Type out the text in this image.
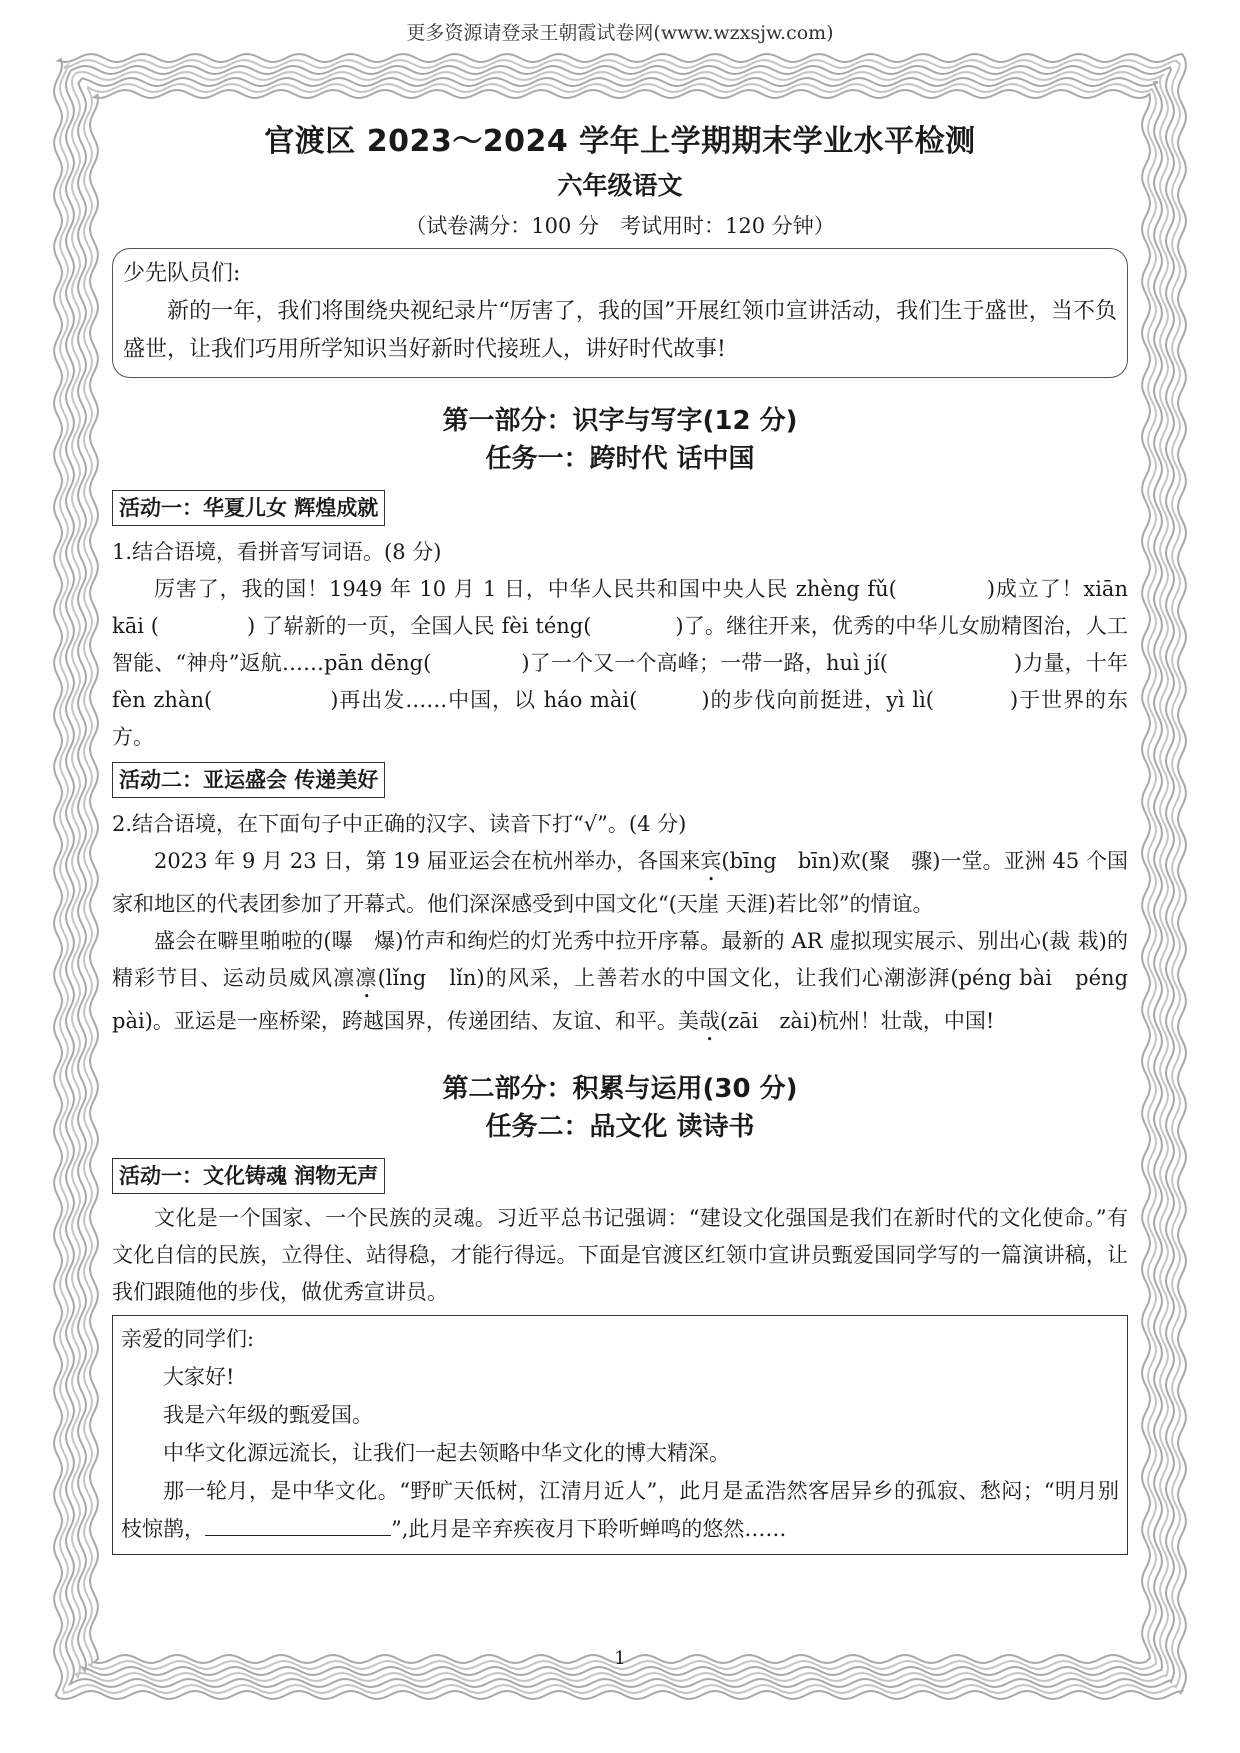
更多资源请登录王朝霞试卷网(www.wzxsjw.com)
官渡区 2023～2024 学年上学期期末学业水平检测
六年级语文
（试卷满分：100 分　考试用时：120 分钟）
少先队员们:
新的一年，我们将围绕央视纪录片“厉害了，我的国”开展红领巾宣讲活动，我们生于盛世，当不负盛世，让我们巧用所学知识当好新时代接班人，讲好时代故事!
第一部分：识字与写字(12 分)
任务一：跨时代 话中国
活动一：华夏儿女 辉煌成就
1.结合语境，看拼音写词语。(8 分)
厉害了，我的国！1949 年 10 月 1 日，中华人民共和国中央人民 zhèng fǔ(	)成立了！xiān kāi (	) 了崭新的一页，全国人民 fèi téng(	)了。继往开来，优秀的中华儿女励精图治，人工智能、“神舟”返航……pān dēng(	)了一个又一个高峰；一带一路，huì jí(	)力量，十年 fèn zhàn(	)再出发……中国，以 háo mài(	)的步伐向前挺进，yì lì(	)于世界的东方。
活动二：亚运盛会 传递美好
2.结合语境，在下面句子中正确的汉字、读音下打“√”。(4 分)
2023 年 9 月 23 日，第 19 届亚运会在杭州举办，各国来宾(bīng　bīn)欢(聚　骤)一堂。亚洲 45 个国家和地区的代表团参加了开幕式。他们深深感受到中国文化“(天崖 天涯)若比邻”的情谊。
盛会在噼里啪啦的(曝　爆)竹声和绚烂的灯光秀中拉开序幕。最新的 AR 虚拟现实展示、别出心(裁 栽)的精彩节目、运动员威风凛凛(lǐng　lǐn)的风采，上善若水的中国文化，让我们心潮澎湃(péng bài　péng pài)。亚运是一座桥梁，跨越国界，传递团结、友谊、和平。美哉(zāi　zài)杭州！壮哉，中国!
第二部分：积累与运用(30 分)
任务二：品文化 读诗书
活动一：文化铸魂 润物无声
文化是一个国家、一个民族的灵魂。习近平总书记强调：“建设文化强国是我们在新时代的文化使命。”有文化自信的民族，立得住、站得稳，才能行得远。下面是官渡区红领巾宣讲员甄爱国同学写的一篇演讲稿，让我们跟随他的步伐，做优秀宣讲员。
亲爱的同学们:
大家好!
我是六年级的甄爱国。
中华文化源远流长，让我们一起去领略中华文化的博大精深。
那一轮月，是中华文化。“野旷天低树，江清月近人”，此月是孟浩然客居异乡的孤寂、愁闷；“明月别枝惊鹊，	”,此月是辛弃疾夜月下聆听蝉鸣的悠然……
1
